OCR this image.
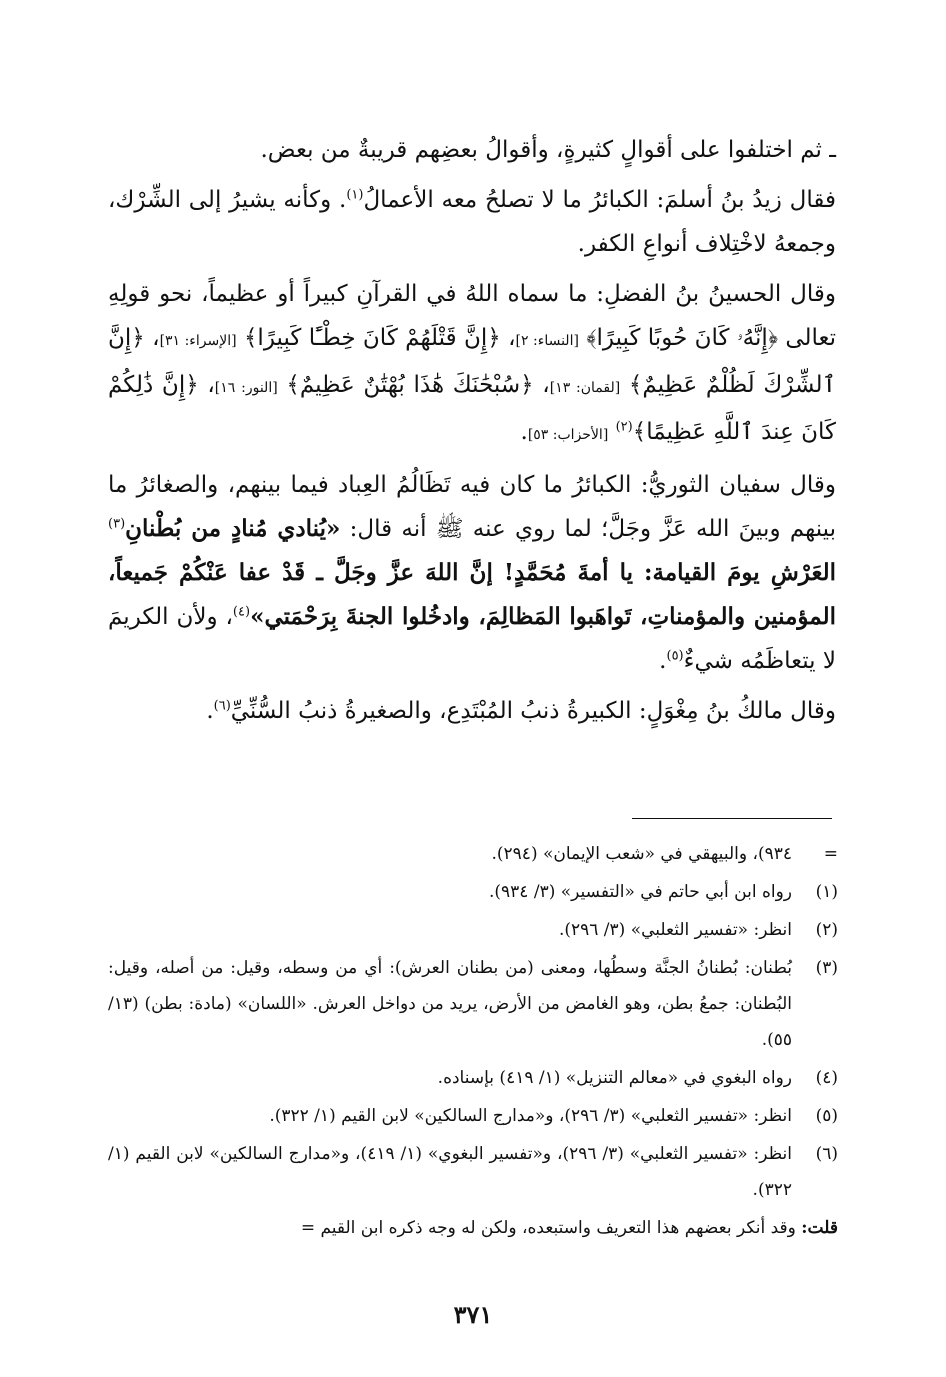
ـ ثم اختلفوا على أقوالٍ كثيرةٍ، وأقوالُ بعضِهم قريبةٌ من بعض.

فقال زيدُ بنُ أسلمَ: الكبائرُ ما لا تصلحُ معه الأعمالُ$^{(١)}$. وكأنه يشيرُ إلى الشِّرْك، وجمعهُ لاخْتِلاف أنواعِ الكفر.

وقال الحسينُ بنُ الفضلِ: ما سماه اللهُ في القرآنِ كبيراً أو عظيماً، نحو قولِهِ تعالى ﴿إِنَّهُۥ كَانَ حُوبًا كَبِيرًا﴾ [النساء: ٢]، ﴿إِنَّ قَتْلَهُمْ كَانَ خِطْـًٔا كَبِيرًا﴾ [الإسراء: ٣١]، ﴿إِنَّ ٱلشِّرْكَ لَظُلْمٌ عَظِيمٌ﴾ [لقمان: ١٣]، ﴿سُبْحَٰنَكَ هَٰذَا بُهْتَٰنٌ عَظِيمٌ﴾ [النور: ١٦]، ﴿إِنَّ ذَٰلِكُمْ كَانَ عِندَ ٱللَّهِ عَظِيمًا﴾$^{(٢)}$ [الأحزاب: ٥٣].

وقال سفيان الثوريُّ: الكبائرُ ما كان فيه تَظَالُمُ العِباد فيما بينهم، والصغائرُ ما بينهم وبينَ الله عَزَّ وجَلَّ؛ لما روي عنه ﷺ أنه قال: «يُنادي مُنادٍ من بُطْنانِ$^{(٣)}$ العَرْشِ يومَ القيامة: يا أمةَ مُحَمَّدٍ! إنَّ اللهَ عزَّ وجَلَّ ـ قَدْ عفا عَنْكُمْ جَميعاً، المؤمنين والمؤمناتِ، تَواهَبوا المَظالِمَ، وادخُلوا الجنةَ بِرَحْمَتي»$^{(٤)}$، ولأن الكريمَ لا يتعاظَمُه شيءٌ$^{(٥)}$.

وقال مالكُ بنُ مِغْوَلٍ: الكبيرةُ ذنبُ المُبْتَدِع، والصغيرةُ ذنبُ السُّنِّيِّ$^{(٦)}$.

=
٩٣٤)، والبيهقي في «شعب الإيمان» (٢٩٤).
(١)
رواه ابن أبي حاتم في «التفسير» (٣/ ٩٣٤).
(٢)
انظر: «تفسير الثعلبي» (٣/ ٢٩٦).
(٣)
بُطنان: بُطنانُ الجنَّة وسطُها، ومعنى (من بطنان العرش): أي من وسطه، وقيل: من أصله، وقيل: البُطنان: جمعُ بطن، وهو الغامض من الأرض، يريد من دواخل العرش. «اللسان» (مادة: بطن) (١٣/ ٥٥).
(٤)
رواه البغوي في «معالم التنزيل» (١/ ٤١٩) بإسناده.
(٥)
انظر: «تفسير الثعلبي» (٣/ ٢٩٦)، و«مدارج السالكين» لابن القيم (١/ ٣٢٢).
(٦)
انظر: «تفسير الثعلبي» (٣/ ٢٩٦)، و«تفسير البغوي» (١/ ٤١٩)، و«مدارج السالكين» لابن القيم (١/ ٣٢٢).
قلت: وقد أنكر بعضهم هذا التعريف واستبعده، ولكن له وجه ذكره ابن القيم =
٣٧١
